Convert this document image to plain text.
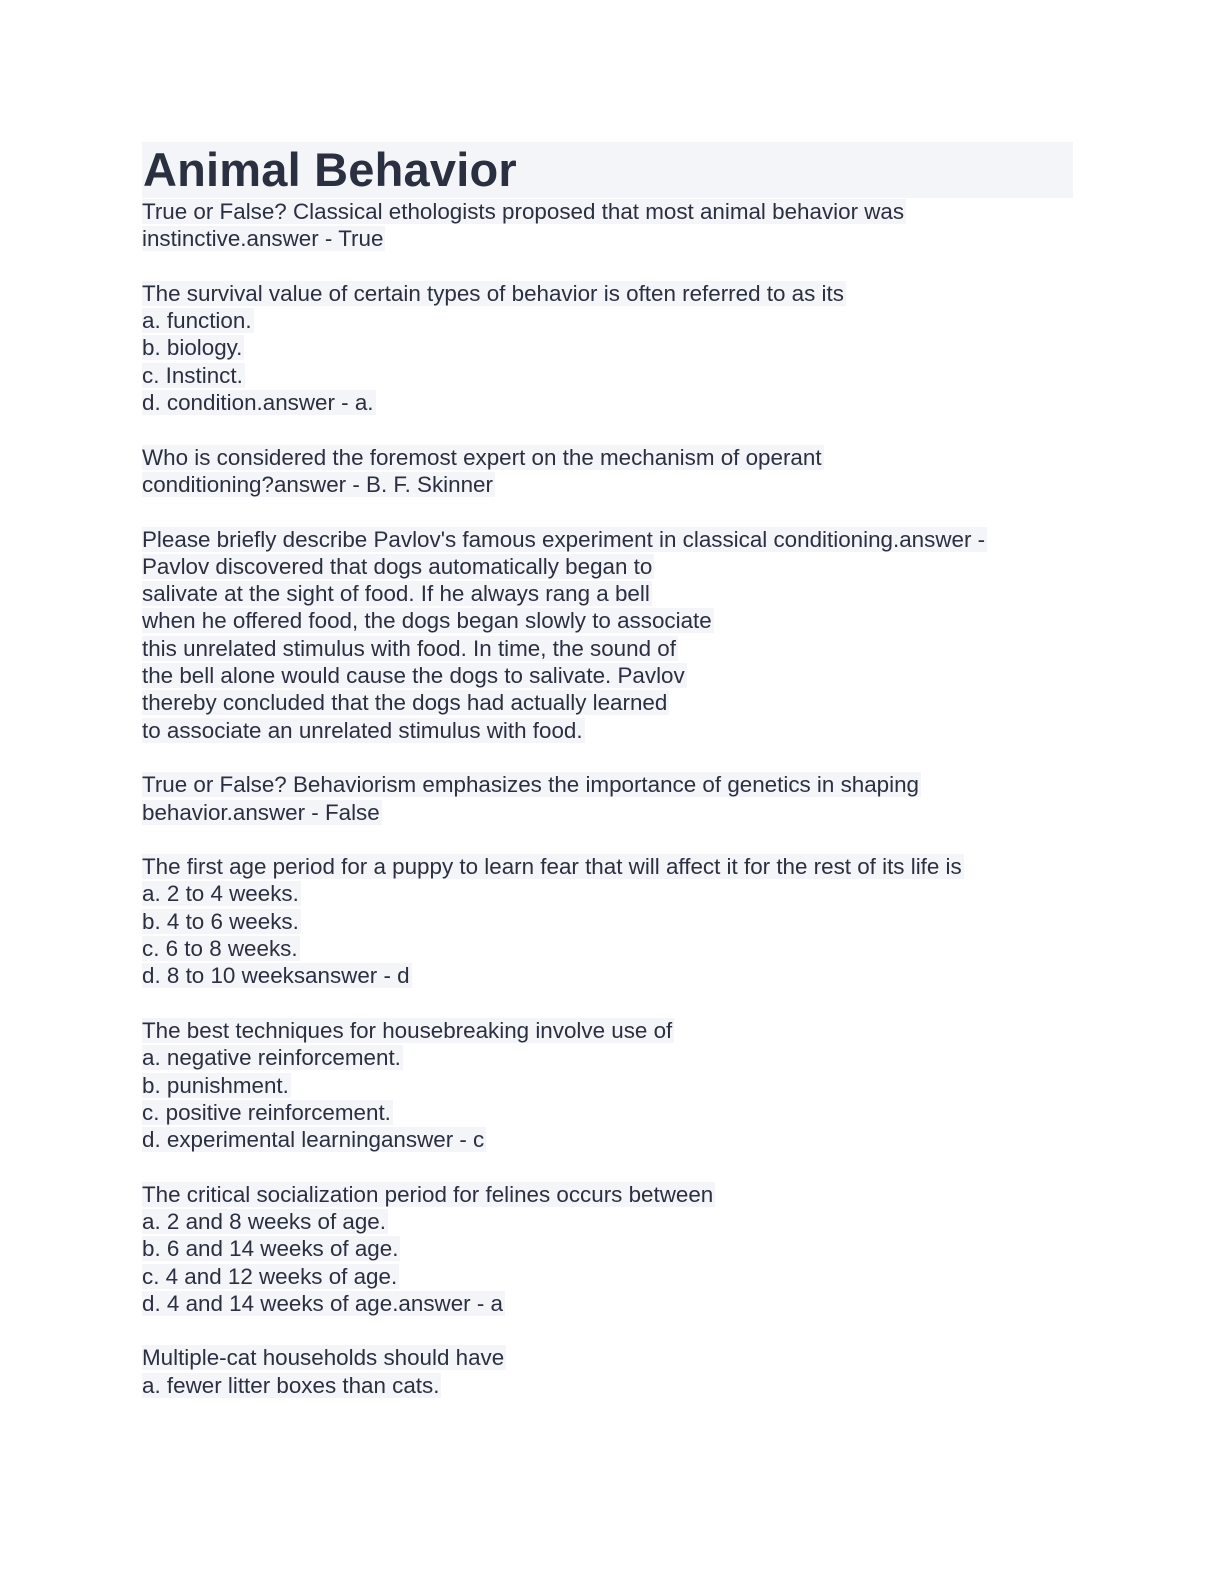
Animal Behavior
True or False? Classical ethologists proposed that most animal behavior was
instinctive.answer - True
The survival value of certain types of behavior is often referred to as its
a. function.
b. biology.
c. Instinct.
d. condition.answer - a.
Who is considered the foremost expert on the mechanism of operant
conditioning?answer - B. F. Skinner
Please briefly describe Pavlov's famous experiment in classical conditioning.answer -
Pavlov discovered that dogs automatically began to
salivate at the sight of food. If he always rang a bell
when he offered food, the dogs began slowly to associate
this unrelated stimulus with food. In time, the sound of
the bell alone would cause the dogs to salivate. Pavlov
thereby concluded that the dogs had actually learned
to associate an unrelated stimulus with food.
True or False? Behaviorism emphasizes the importance of genetics in shaping
behavior.answer - False
The first age period for a puppy to learn fear that will affect it for the rest of its life is
a. 2 to 4 weeks.
b. 4 to 6 weeks.
c. 6 to 8 weeks.
d. 8 to 10 weeksanswer - d
The best techniques for housebreaking involve use of
a. negative reinforcement.
b. punishment.
c. positive reinforcement.
d. experimental learninganswer - c
The critical socialization period for felines occurs between
a. 2 and 8 weeks of age.
b. 6 and 14 weeks of age.
c. 4 and 12 weeks of age.
d. 4 and 14 weeks of age.answer - a
Multiple-cat households should have
a. fewer litter boxes than cats.
